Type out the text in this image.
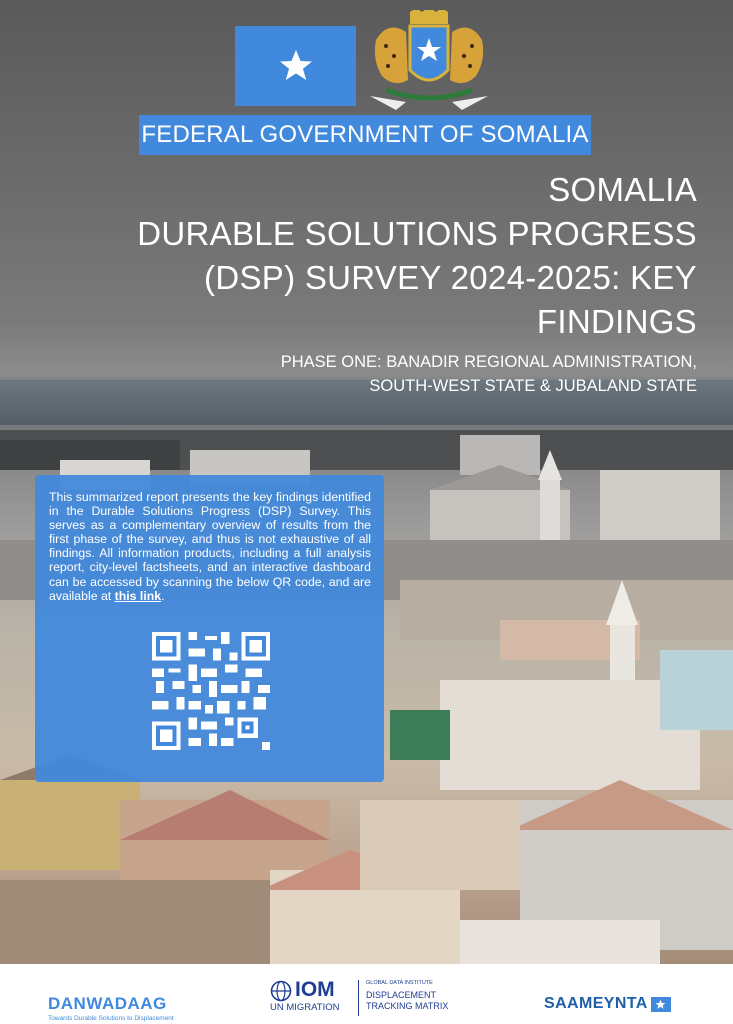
FEDERAL GOVERNMENT OF SOMALIA
SOMALIA
DURABLE SOLUTIONS PROGRESS
(DSP) SURVEY 2024-2025: KEY FINDINGS
PHASE ONE: BANADIR REGIONAL ADMINISTRATION,
SOUTH-WEST STATE & JUBALAND STATE

This summarized report presents the key findings identified in the Durable Solutions Progress (DSP) Survey. This serves as a complementary overview of results from the first phase of the survey, and thus is not exhaustive of all findings. All information products, including a full analysis report, city-level factsheets, and an interactive dashboard can be accessed by scanning the below QR code, and are available at this link.

DANWADAAG
Towards Durable Solutions to Displacement
IOM
UN MIGRATION
GLOBAL DATA INSTITUTE
DISPLACEMENT
TRACKING MATRIX	SAAMEYNTA
